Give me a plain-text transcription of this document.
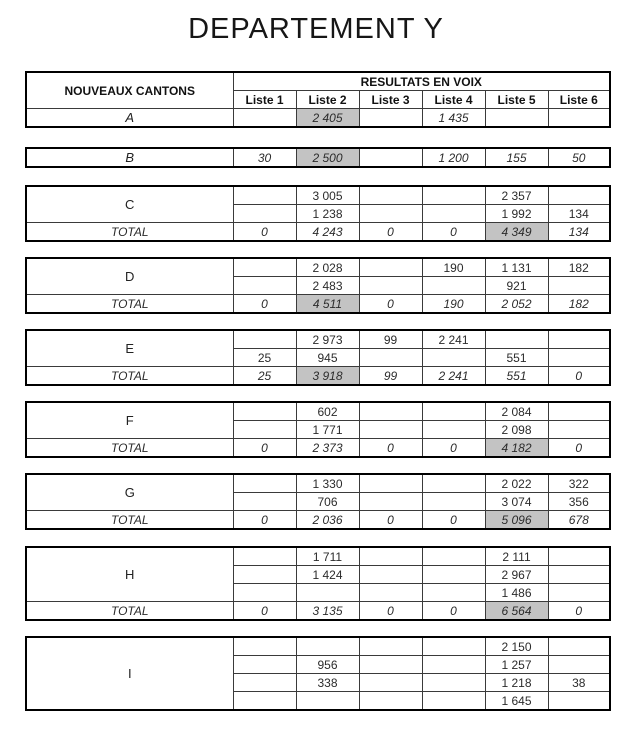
DEPARTEMENT Y
NOUVEAUX CANTONS	RESULTATS EN VOIX					
	Liste 1	Liste 2	Liste 3	Liste 4	Liste 5	Liste 6
A		2 405		1 435		
B	30	2 500		1 200	155	50
C		3 005			2 357	
		1 238			1 992	134
TOTAL	0	4 243	0	0	4 349	134
D		2 028		190	1 131	182
		2 483			921	
TOTAL	0	4 511	0	190	2 052	182
E		2 973	99	2 241		
	25	945			551	
TOTAL	25	3 918	99	2 241	551	0
F		602			2 084	
		1 771			2 098	
TOTAL	0	2 373	0	0	4 182	0
G		1 330			2 022	322
		706			3 074	356
TOTAL	0	2 036	0	0	5 096	678
H		1 711			2 111	
		1 424			2 967	
					1 486	
TOTAL	0	3 135	0	0	6 564	0
I					2 150	
		956			1 257	
		338			1 218	38
					1 645	
